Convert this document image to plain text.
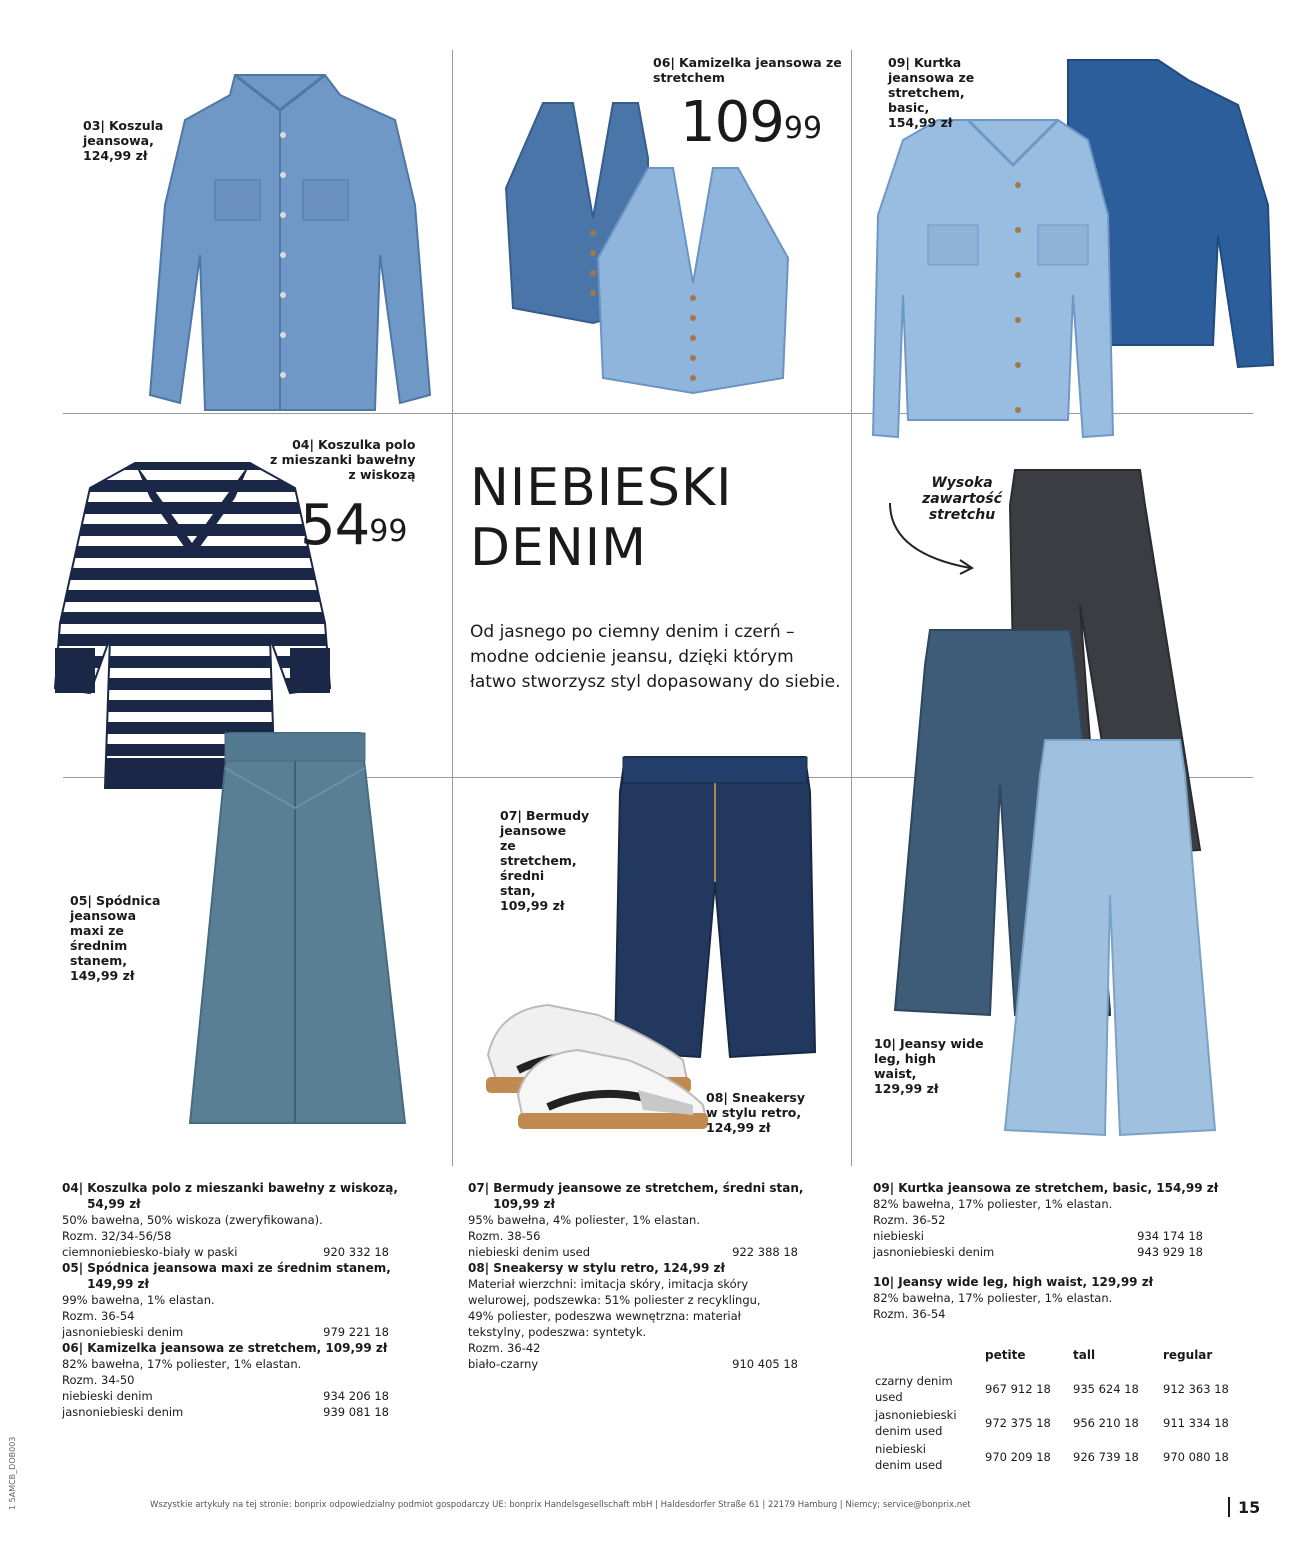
03| Koszula
jeansowa,
124,99 zł
06| Kamizelka jeansowa ze
stretchem
$109^{99}$
09| Kurtka
jeansowa ze
stretchem,
basic,
154,99 zł
04| Koszulka polo
z mieszanki bawełny
z wiskozą
$54^{99}$
NIEBIESKI
DENIM
Od jasnego po ciemny denim i czerń – modne odcienie jeansu, dzięki którym łatwo stworzysz styl dopasowany do siebie.
Wysoka zawartość stretchu
05| Spódnica
jeansowa
maxi ze
średnim
stanem,
149,99 zł
07| Bermudy
jeansowe
ze
stretchem,
średni
stan,
109,99 zł
08| Sneakersy
w stylu retro,
124,99 zł
10| Jeansy wide
leg, high
waist,
129,99 zł
04| Koszulka polo z mieszanki bawełny z wiskozą,
54,99 zł
50% bawełna, 50% wiskoza (zweryfikowana).
Rozm. 32/34-56/58
ciemnoniebiesko-biały w paski	920 332 18
05| Spódnica jeansowa maxi ze średnim stanem,
149,99 zł
99% bawełna, 1% elastan.
Rozm. 36-54
jasnoniebieski denim	979 221 18
06| Kamizelka jeansowa ze stretchem, 109,99 zł
82% bawełna, 17% poliester, 1% elastan.
Rozm. 34-50
niebieski denim	934 206 18
jasnoniebieski denim	939 081 18
07| Bermudy jeansowe ze stretchem, średni stan,
109,99 zł
95% bawełna, 4% poliester, 1% elastan.
Rozm. 38-56
niebieski denim used	922 388 18
08| Sneakersy w stylu retro, 124,99 zł
Materiał wierzchni: imitacja skóry, imitacja skóry
welurowej, podszewka: 51% poliester z recyklingu,
49% poliester, podeszwa wewnętrzna: materiał
tekstylny, podeszwa: syntetyk.
Rozm. 36-42
biało-czarny	910 405 18
09| Kurtka jeansowa ze stretchem, basic, 154,99 zł
82% bawełna, 17% poliester, 1% elastan.
Rozm. 36-52
niebieski	934 174 18
jasnoniebieski denim	943 929 18
10| Jeansy wide leg, high waist, 129,99 zł
82% bawełna, 17% poliester, 1% elastan.
Rozm. 36-54
	petite	tall	regular
czarny denim
used	967 912 18	935 624 18	912 363 18
jasnoniebieski
denim used	972 375 18	956 210 18	911 334 18
niebieski
denim used	970 209 18	926 739 18	970 080 18
Wszystkie artykuły na tej stronie: bonprix odpowiedzialny podmiot gospodarczy UE: bonprix Handelsgesellschaft mbH | Haldesdorfer Straße 61 | 22179 Hamburg | Niemcy; service@bonprix.net	15
1 5AMCB_DOB003
